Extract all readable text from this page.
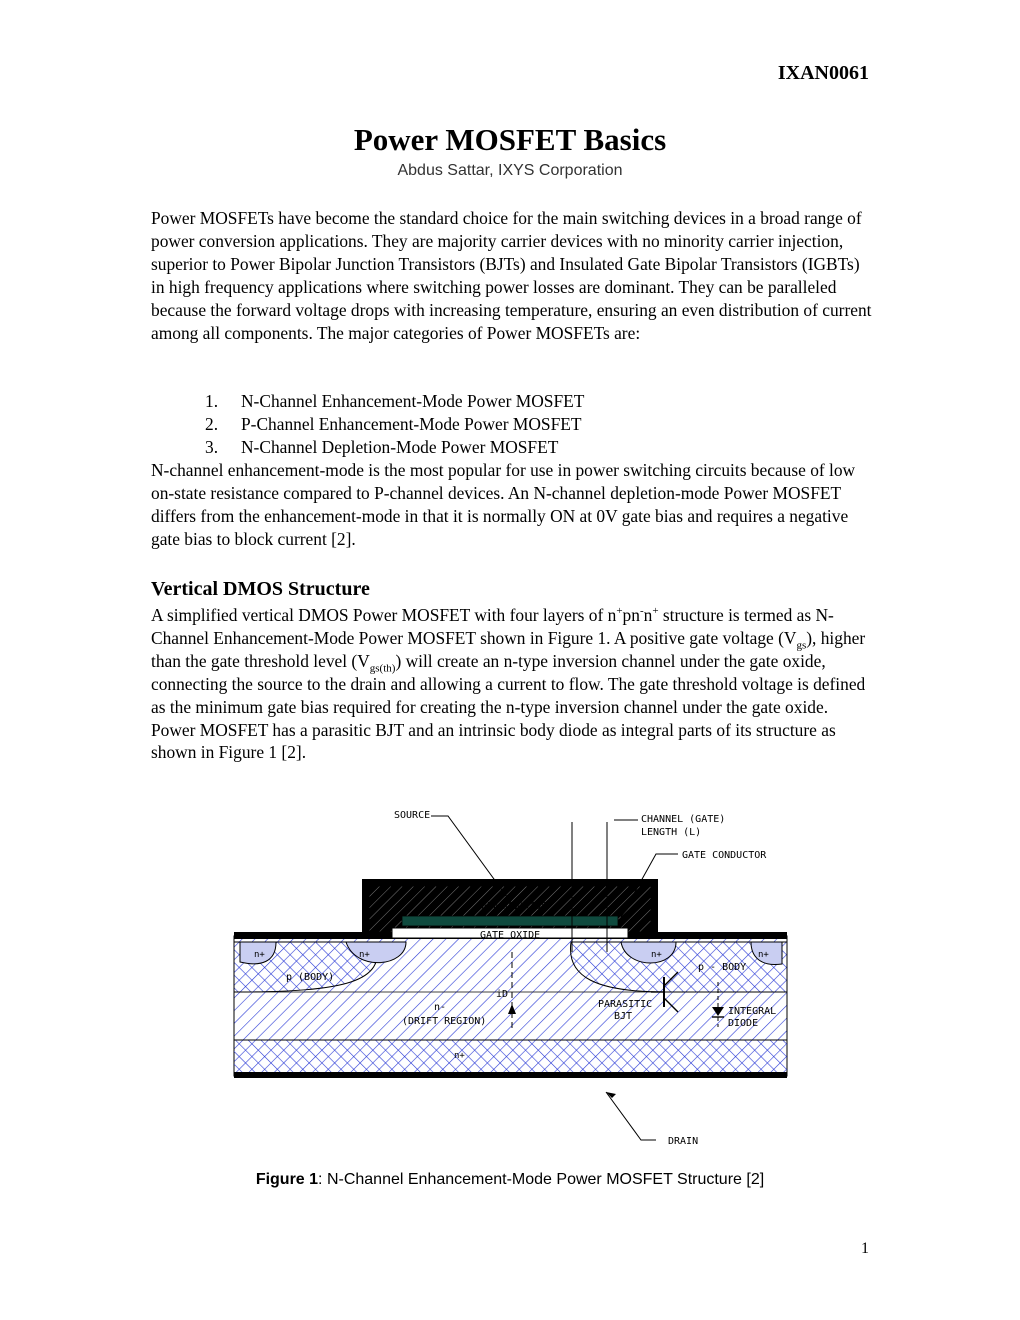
IXAN0061
Power MOSFET Basics
Abdus Sattar, IXYS Corporation

Power MOSFETs have become the standard choice for the main switching devices in a broad range of power conversion applications. They are majority carrier devices with no minority carrier injection, superior to Power Bipolar Junction Transistors (BJTs) and Insulated Gate Bipolar Transistors (IGBTs) in high frequency applications where switching power losses are dominant. They can be paralleled because the forward voltage drops with increasing temperature, ensuring an even distribution of current among all components. The major categories of Power MOSFETs are:

1.	N-Channel Enhancement-Mode Power MOSFET
2.	P-Channel Enhancement-Mode Power MOSFET
3.	N-Channel Depletion-Mode Power MOSFET

N-channel enhancement-mode is the most popular for use in power switching circuits because of low on-state resistance compared to P-channel devices. An N-channel depletion-mode Power MOSFET differs from the enhancement-mode in that it is normally ON at 0V gate bias and requires a negative gate bias to block current [2].

Vertical DMOS Structure

A simplified vertical DMOS Power MOSFET with four layers of n+pn-n+ structure is termed as N-Channel Enhancement-Mode Power MOSFET shown in Figure 1. A positive gate voltage $(V_{gs})$, higher than the gate threshold level $(V_{gs(th)})$ will create an n-type inversion channel under the gate oxide, connecting the source to the drain and allowing a current to flow. The gate threshold voltage is defined as the minimum gate bias required for creating the n-type inversion channel under the gate oxide. Power MOSFET has a parasitic BJT and an intrinsic body diode as integral parts of its structure as shown in Figure 1 [2].

SOURCE	CHANNEL (GATE)
LENGTH (L)
GATE CONDUCTOR
FIELD OXIDE
GATE OXIDE
n+	n+	n+	n+
p (BODY)
p - BODY
n-
(DRIFT REGION)
iD
PARASITIC
BJT	INTEGRAL
DIODE
n+
DRAIN
Figure 1: N-Channel Enhancement-Mode Power MOSFET Structure [2]
1
